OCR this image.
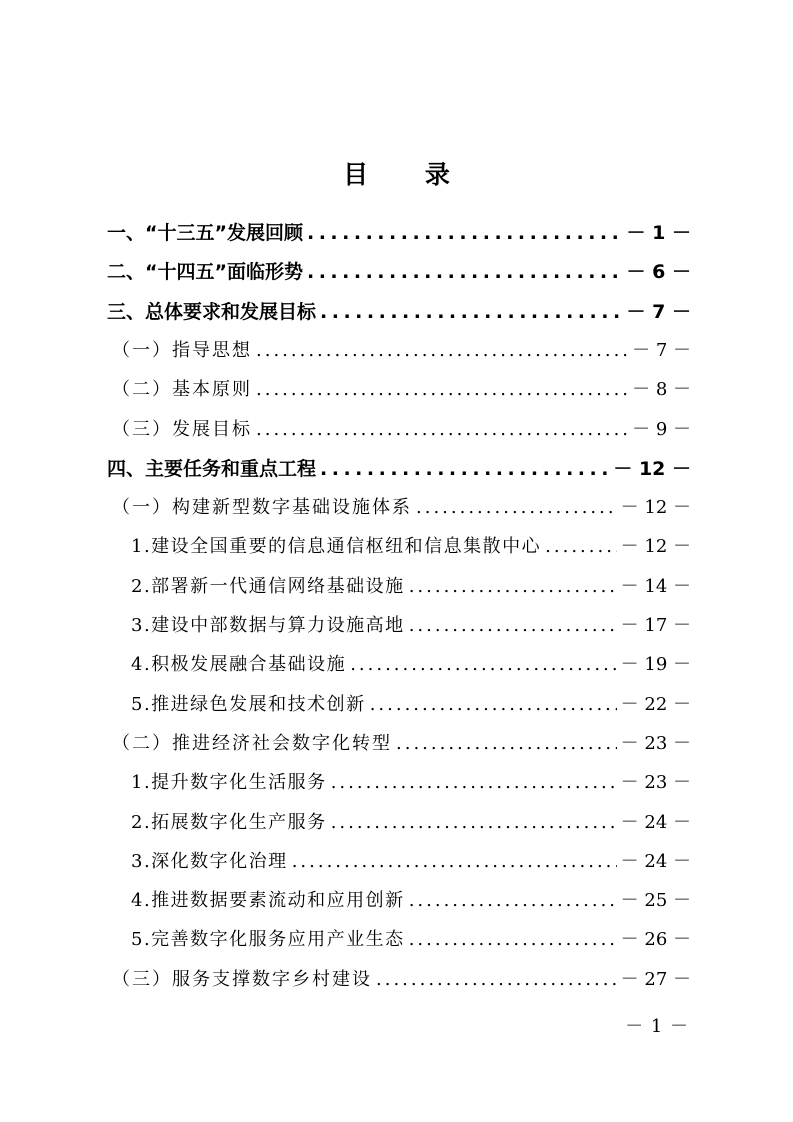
目 录
一、“十三五”发展回顾 .....	－ 1 －
二、“十四五”面临形势 .....	－ 6 －
三、总体要求和发展目标 .....	－ 7 －
（一）指导思想 .....	－ 7 －
（二）基本原则 .....	－ 8 －
（三）发展目标 .....	－ 9 －
四、主要任务和重点工程 .....	－ 12 －
（一）构建新型数字基础设施体系 .....	－ 12 －
1.建设全国重要的信息通信枢纽和信息集散中心 .....	－ 12 －
2.部署新一代通信网络基础设施 .....	－ 14 －
3.建设中部数据与算力设施高地 .....	－ 17 －
4.积极发展融合基础设施 .....	－ 19 －
5.推进绿色发展和技术创新 .....	－ 22 －
（二）推进经济社会数字化转型 .....	－ 23 －
1.提升数字化生活服务 .....	－ 23 －
2.拓展数字化生产服务 .....	－ 24 －
3.深化数字化治理 .....	－ 24 －
4.推进数据要素流动和应用创新 .....	－ 25 －
5.完善数字化服务应用产业生态 .....	－ 26 －
（三）服务支撑数字乡村建设 .....	－ 27 －
－ 1 －
